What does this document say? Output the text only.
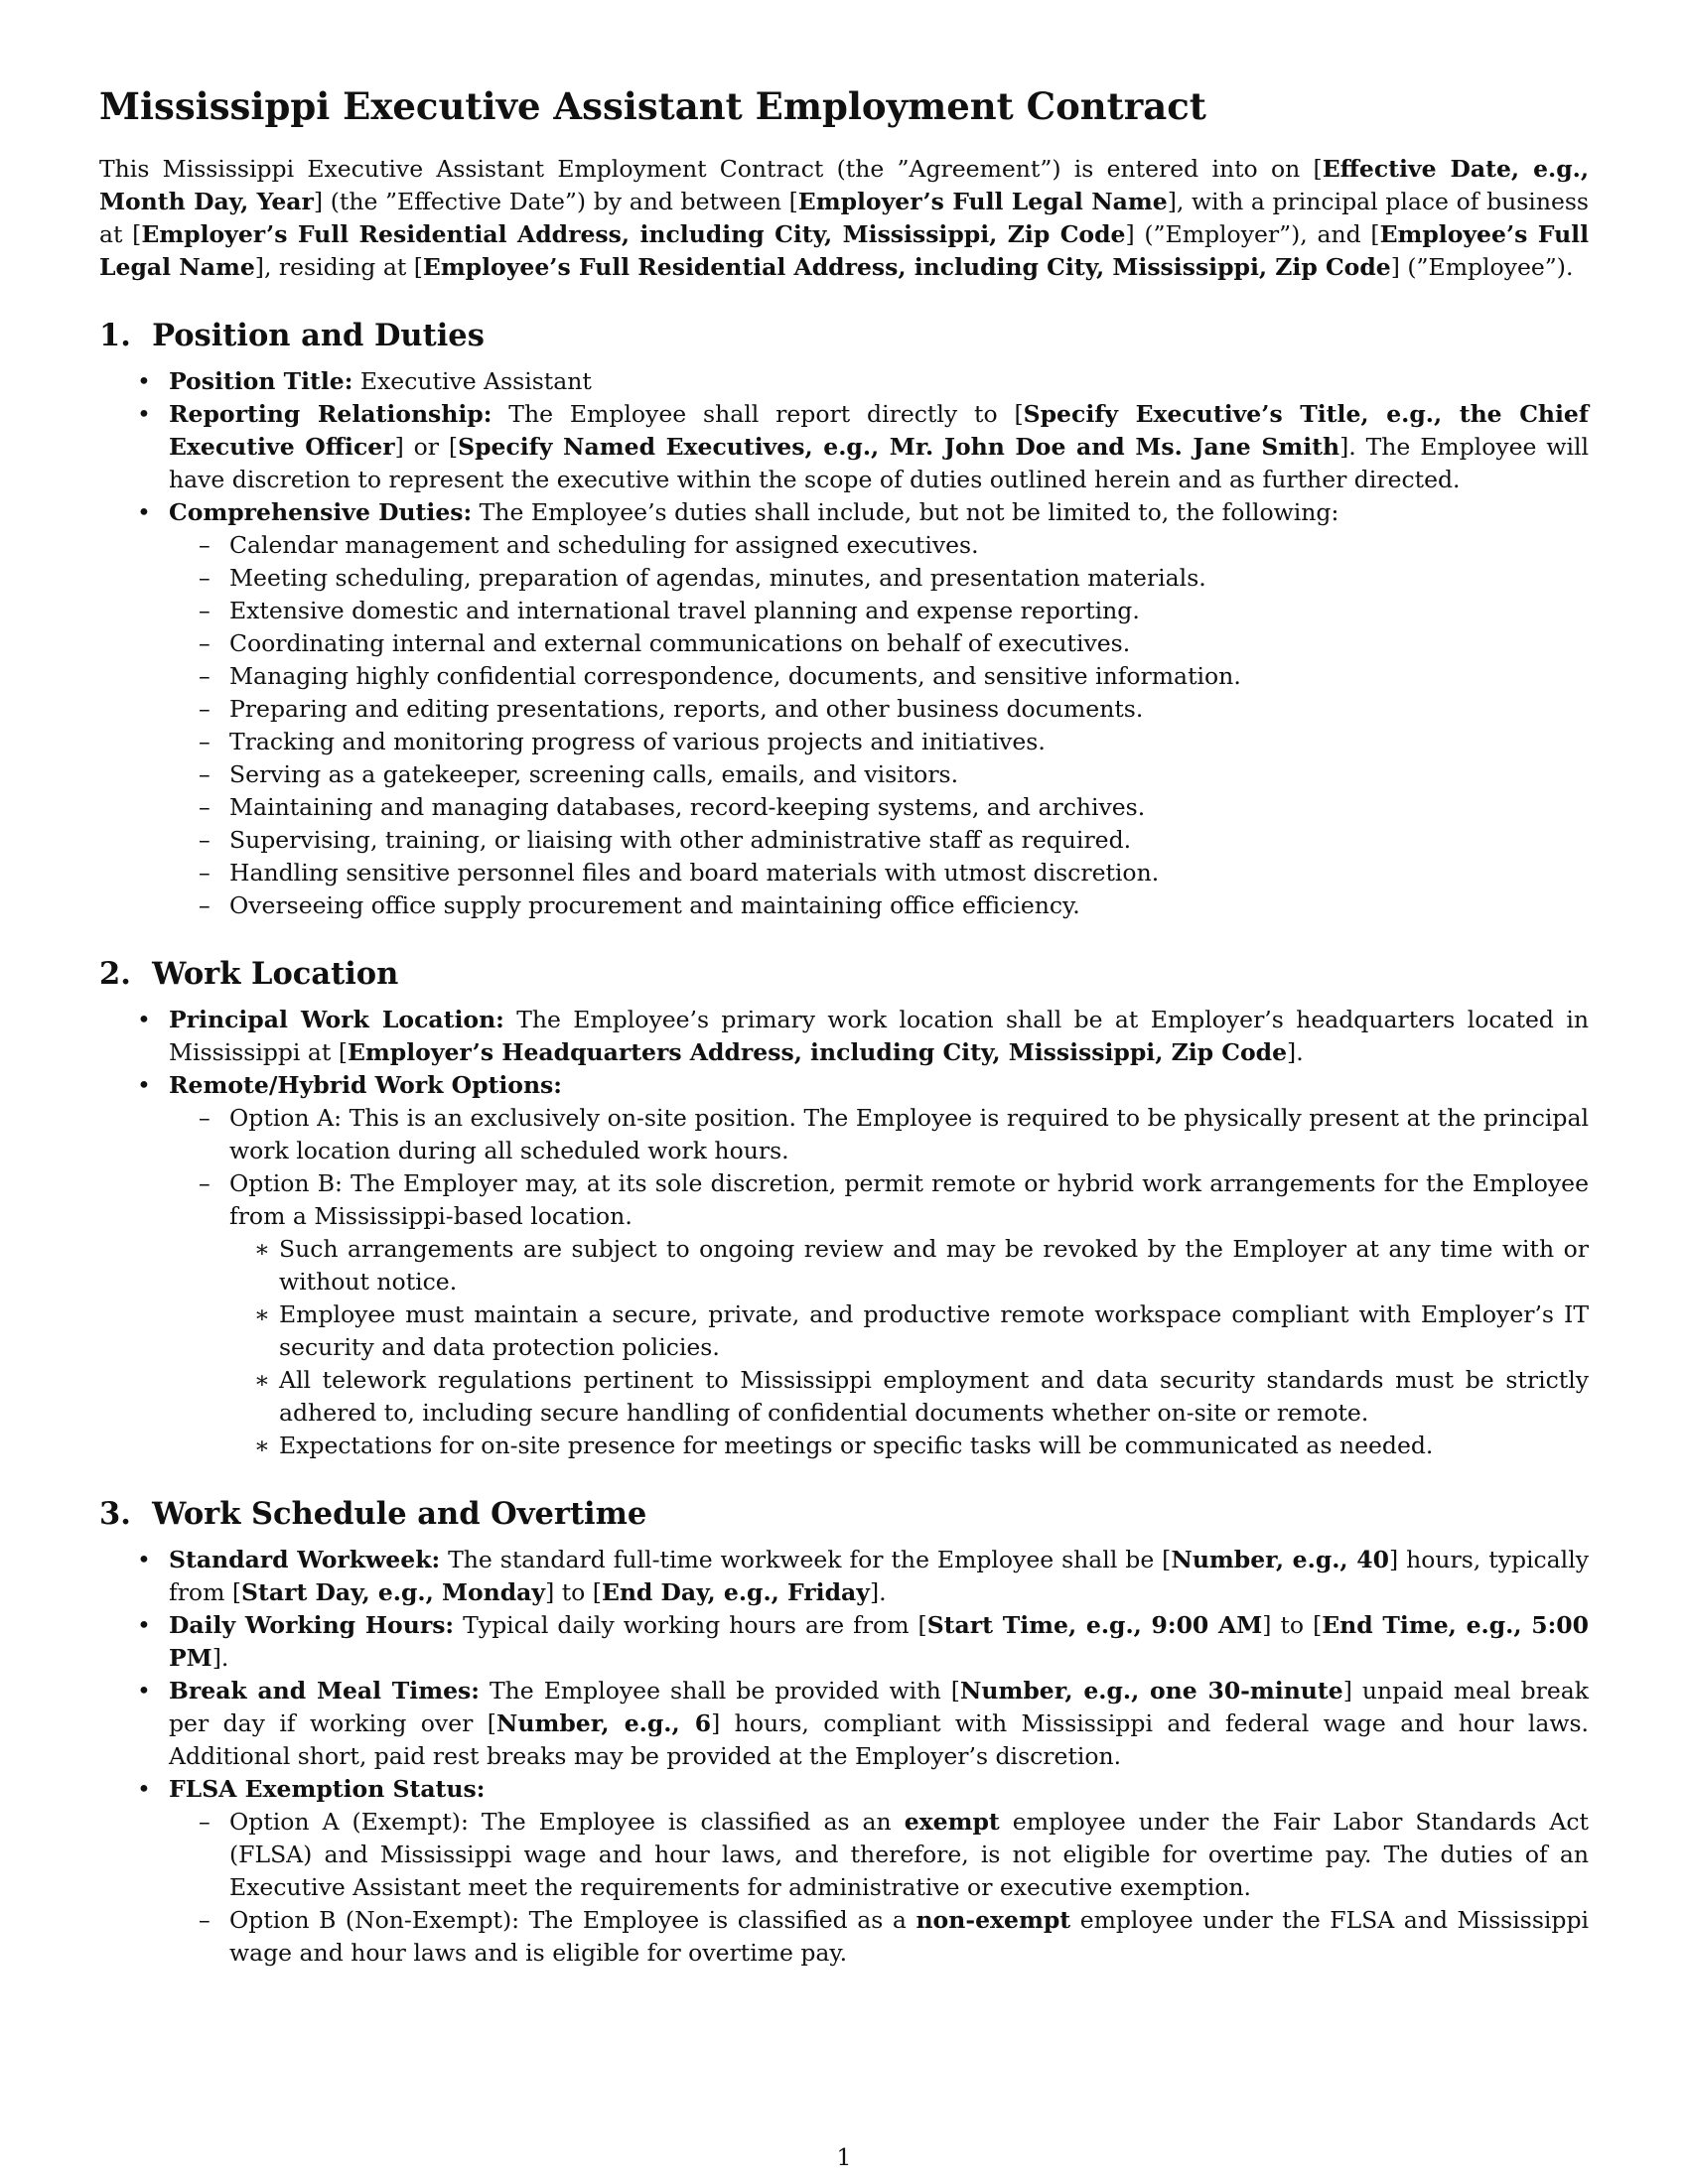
Mississippi Executive Assistant Employment Contract

This Mississippi Executive Assistant Employment Contract (the ”Agreement”) is entered into on [Effective Date, e.g., Month Day, Year] (the ”Effective Date”) by and between [Employer’s Full Legal Name], with a principal place of business at [Employer’s Full Residential Address, including City, Mississippi, Zip Code] (”Employer”), and [Employee’s Full Legal Name], residing at [Employee’s Full Residential Address, including City, Mississippi, Zip Code] (”Employee”).

1.  Position and Duties
• Position Title: Executive Assistant
• Reporting Relationship: The Employee shall report directly to [Specify Executive’s Title, e.g., the Chief Executive Officer] or [Specify Named Executives, e.g., Mr. John Doe and Ms. Jane Smith]. The Employee will have discretion to represent the executive within the scope of duties outlined herein and as further directed.
• Comprehensive Duties: The Employee’s duties shall include, but not be limited to, the following:
– Calendar management and scheduling for assigned executives.
– Meeting scheduling, preparation of agendas, minutes, and presentation materials.
– Extensive domestic and international travel planning and expense reporting.
– Coordinating internal and external communications on behalf of executives.
– Managing highly confidential correspondence, documents, and sensitive information.
– Preparing and editing presentations, reports, and other business documents.
– Tracking and monitoring progress of various projects and initiatives.
– Serving as a gatekeeper, screening calls, emails, and visitors.
– Maintaining and managing databases, record-keeping systems, and archives.
– Supervising, training, or liaising with other administrative staff as required.
– Handling sensitive personnel files and board materials with utmost discretion.
– Overseeing office supply procurement and maintaining office efficiency.
2.  Work Location
• Principal Work Location: The Employee’s primary work location shall be at Employer’s headquarters located in Mississippi at [Employer’s Headquarters Address, including City, Mississippi, Zip Code].
• Remote/Hybrid Work Options:
– Option A: This is an exclusively on-site position. The Employee is required to be physically present at the principal work location during all scheduled work hours.
– Option B: The Employer may, at its sole discretion, permit remote or hybrid work arrangements for the Employee from a Mississippi-based location.
∗ Such arrangements are subject to ongoing review and may be revoked by the Employer at any time with or without notice.
∗ Employee must maintain a secure, private, and productive remote workspace compliant with Employer’s IT security and data protection policies.
∗ All telework regulations pertinent to Mississippi employment and data security standards must be strictly adhered to, including secure handling of confidential documents whether on-site or remote.
∗ Expectations for on-site presence for meetings or specific tasks will be communicated as needed.
3.  Work Schedule and Overtime
• Standard Workweek: The standard full-time workweek for the Employee shall be [Number, e.g., 40] hours, typically from [Start Day, e.g., Monday] to [End Day, e.g., Friday].
• Daily Working Hours: Typical daily working hours are from [Start Time, e.g., 9:00 AM] to [End Time, e.g., 5:00 PM].
• Break and Meal Times: The Employee shall be provided with [Number, e.g., one 30-minute] unpaid meal break per day if working over [Number, e.g., 6] hours, compliant with Mississippi and federal wage and hour laws. Additional short, paid rest breaks may be provided at the Employer’s discretion.
• FLSA Exemption Status:
– Option A (Exempt): The Employee is classified as an exempt employee under the Fair Labor Standards Act (FLSA) and Mississippi wage and hour laws, and therefore, is not eligible for overtime pay. The duties of an Executive Assistant meet the requirements for administrative or executive exemption.
– Option B (Non-Exempt): The Employee is classified as a non-exempt employee under the FLSA and Mississippi wage and hour laws and is eligible for overtime pay.
1
